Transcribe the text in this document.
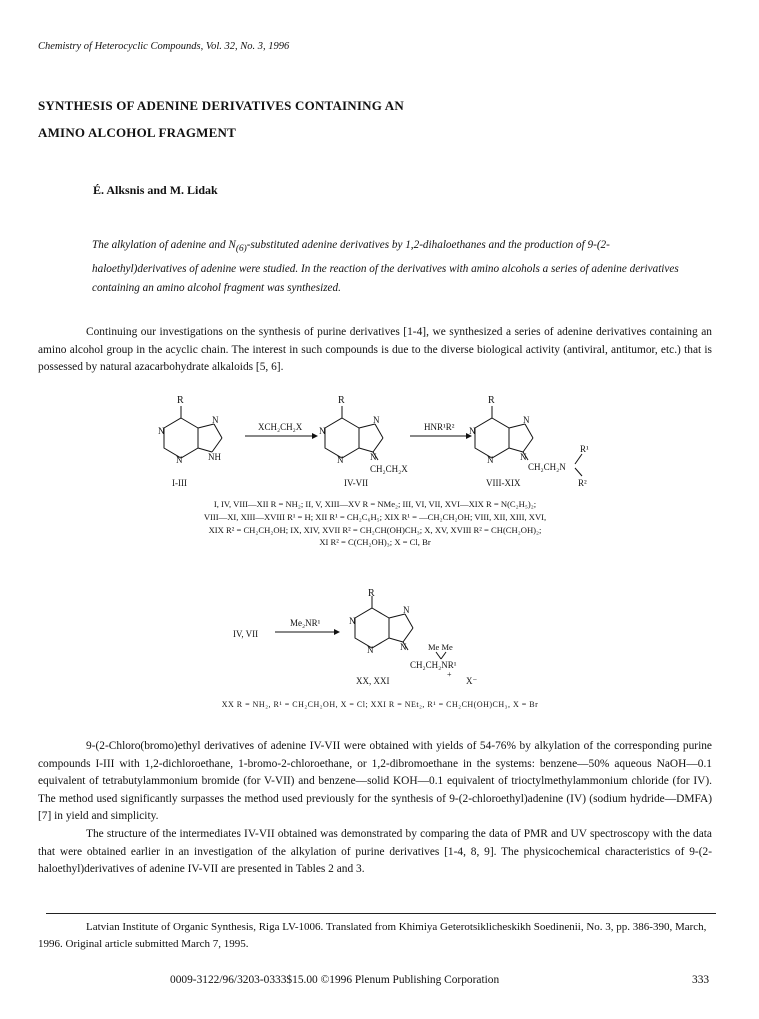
Chemistry of Heterocyclic Compounds, Vol. 32, No. 3, 1996
SYNTHESIS OF ADENINE DERIVATIVES CONTAINING AN
AMINO ALCOHOL FRAGMENT
É. Alksnis and M. Lidak
The alkylation of adenine and $N_{(6)}$-substituted adenine derivatives by 1,2-dihaloethanes and the production of 9-(2-haloethyl)derivatives of adenine were studied. In the reaction of the derivatives with amino alcohols a series of adenine derivatives containing an amino alcohol fragment was synthesized.

Continuing our investigations on the synthesis of purine derivatives [1-4], we synthesized a series of adenine derivatives containing an amino alcohol group in the acyclic chain. The interest in such compounds is due to the diverse biological activity (antiviral, antitumor, etc.) that is possessed by natural azacarbohydrate alkaloids [5, 6].

R
N
N
N
NH
I-III
XCH₂CH₂X
R
N
N
N
N
CH₂CH₂X
IV-VII
HNR¹R²
R
N
N
N
N
CH₂CH₂N
R¹
R²
VIII-XIX
I, IV, VIII—XII R = NH₂; II, V, XIII—XV R = NMe₂; III, VI, VII, XVI—XIX R = N(C₂H₅)₂;
VIII—XI, XIII—XVIII R¹ = H; XII R¹ = CH₂C₆H₅; XIX R¹ = —CH₂CH₂OH; VIII, XII, XIII, XVI,
XIX R² = CH₂CH₂OH; IX, XIV, XVII R² = CH₂CH(OH)CH₃; X, XV, XVIII R² = CH(CH₂OH)₂;
XI R² = C(CH₂OH)₃; X = Cl, Br
IV, VII
Me₂NR¹
R
N
N
N
N	Me Me
CH₂CH₂NR¹
+
X⁻
XX, XXI
XX R = NH₂, R¹ = CH₂CH₂OH, X = Cl; XXI R = NEt₂, R¹ = CH₂CH(OH)CH₃, X = Br

9-(2-Chloro(bromo)ethyl derivatives of adenine IV-VII were obtained with yields of 54-76% by alkylation of the corresponding purine compounds I-III with 1,2-dichloroethane, 1-bromo-2-chloroethane, or 1,2-dibromoethane in the systems: benzene—50% aqueous NaOH—0.1 equivalent of tetrabutylammonium bromide (for V-VII) and benzene—solid KOH—0.1 equivalent of trioctylmethylammonium chloride (for IV). The method used significantly surpasses the method used previously for the synthesis of 9-(2-chloroethyl)adenine (IV) (sodium hydride—DMFA) [7] in yield and simplicity.

The structure of the intermediates IV-VII obtained was demonstrated by comparing the data of PMR and UV spectroscopy with the data that were obtained earlier in an investigation of the alkylation of purine derivatives [1-4, 8, 9]. The physicochemical characteristics of 9-(2-haloethyl)derivatives of adenine IV-VII are presented in Tables 2 and 3.

Latvian Institute of Organic Synthesis, Riga LV-1006. Translated from Khimiya Geterotsiklicheskikh Soedinenii, No. 3, pp. 386-390, March, 1996. Original article submitted March 7, 1995.

0009-3122/96/3203-0333$15.00 ©1996 Plenum Publishing Corporation	333
